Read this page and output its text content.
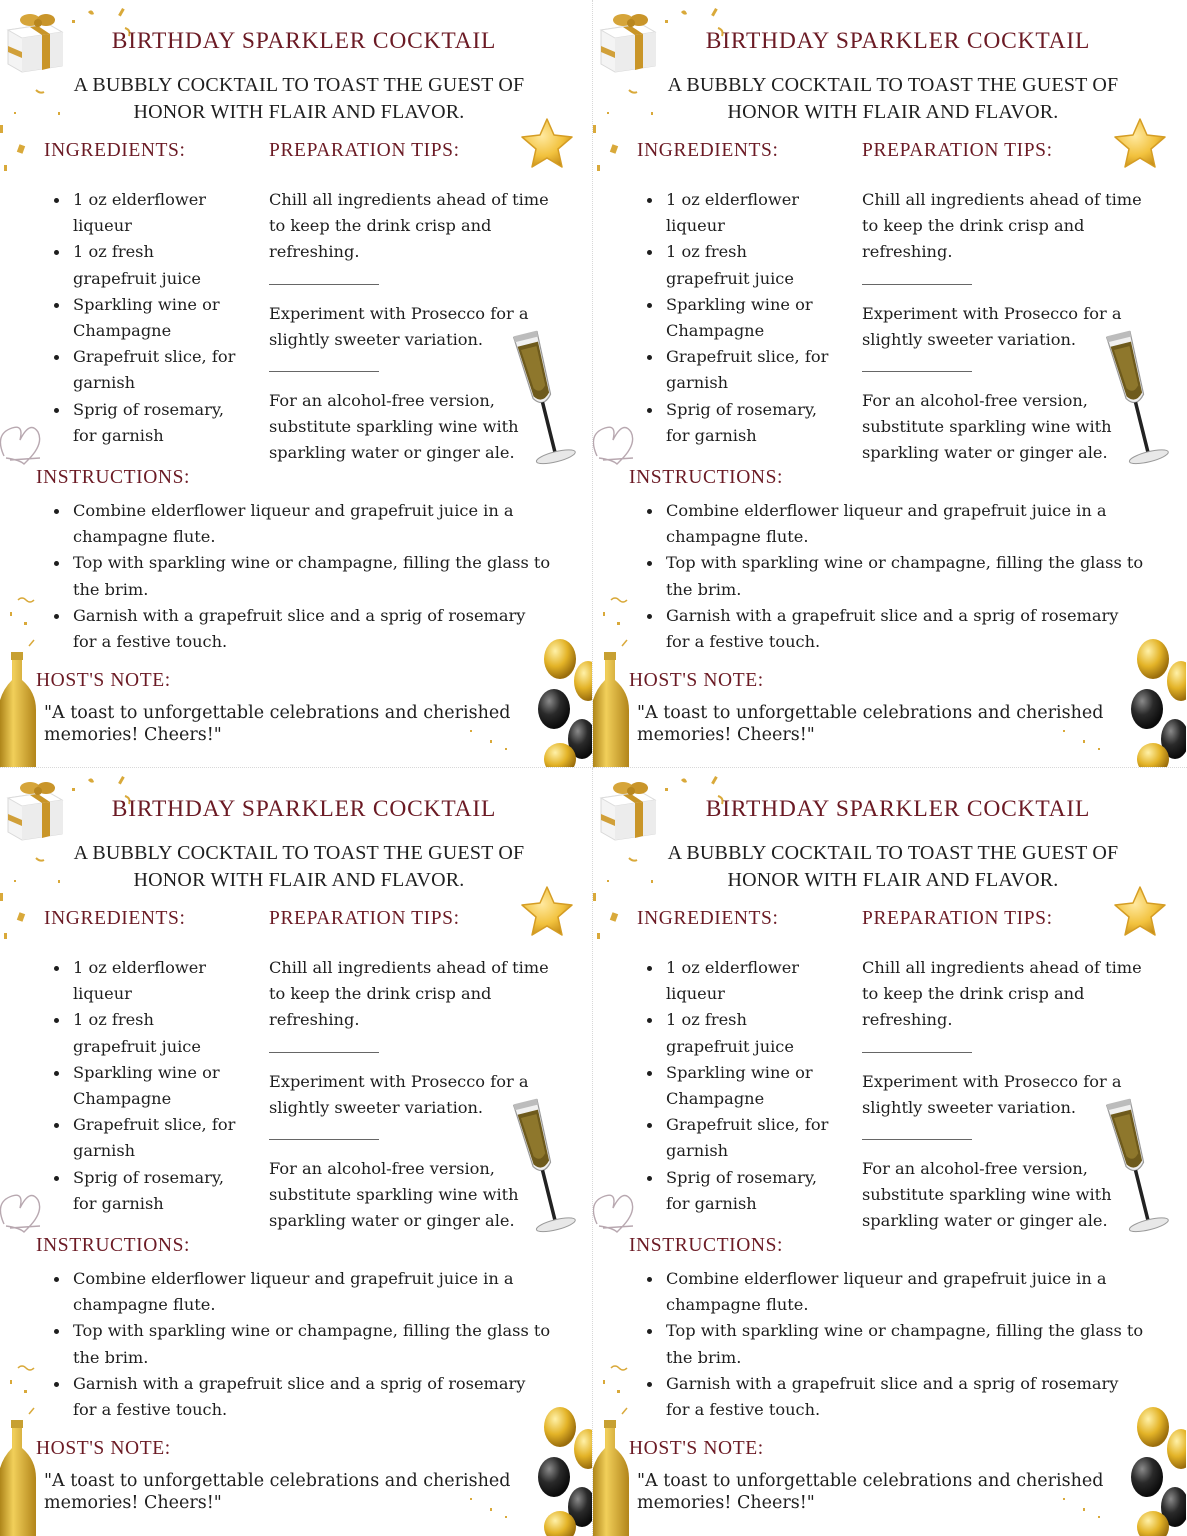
BIRTHDAY SPARKLER COCKTAIL
A BUBBLY COCKTAIL TO TOAST THE GUEST OF HONOR WITH FLAIR AND FLAVOR.
INGREDIENTS:	PREPARATION TIPS:
1 oz elderflower liqueur
1 oz fresh grapefruit juice
Sparkling wine or Champagne
Grapefruit slice, for garnish
Sprig of rosemary, for garnish

Chill all ingredients ahead of time to keep the drink crisp and refreshing.

Experiment with Prosecco for a slightly sweeter variation.

For an alcohol-free version, substitute sparkling wine with sparkling water or ginger ale.

INSTRUCTIONS:
Combine elderflower liqueur and grapefruit juice in a champagne flute.
Top with sparkling wine or champagne, filling the glass to the brim.
Garnish with a grapefruit slice and a sprig of rosemary for a festive touch.
HOST'S NOTE:
"A toast to unforgettable celebrations and cherished memories! Cheers!"
BIRTHDAY SPARKLER COCKTAIL
A BUBBLY COCKTAIL TO TOAST THE GUEST OF HONOR WITH FLAIR AND FLAVOR.
INGREDIENTS:	PREPARATION TIPS:
1 oz elderflower liqueur
1 oz fresh grapefruit juice
Sparkling wine or Champagne
Grapefruit slice, for garnish
Sprig of rosemary, for garnish

Chill all ingredients ahead of time to keep the drink crisp and refreshing.

Experiment with Prosecco for a slightly sweeter variation.

For an alcohol-free version, substitute sparkling wine with sparkling water or ginger ale.

INSTRUCTIONS:
Combine elderflower liqueur and grapefruit juice in a champagne flute.
Top with sparkling wine or champagne, filling the glass to the brim.
Garnish with a grapefruit slice and a sprig of rosemary for a festive touch.
HOST'S NOTE:
"A toast to unforgettable celebrations and cherished memories! Cheers!"
BIRTHDAY SPARKLER COCKTAIL
A BUBBLY COCKTAIL TO TOAST THE GUEST OF HONOR WITH FLAIR AND FLAVOR.
INGREDIENTS:	PREPARATION TIPS:
1 oz elderflower liqueur
1 oz fresh grapefruit juice
Sparkling wine or Champagne
Grapefruit slice, for garnish
Sprig of rosemary, for garnish

Chill all ingredients ahead of time to keep the drink crisp and refreshing.

Experiment with Prosecco for a slightly sweeter variation.

For an alcohol-free version, substitute sparkling wine with sparkling water or ginger ale.

INSTRUCTIONS:
Combine elderflower liqueur and grapefruit juice in a champagne flute.
Top with sparkling wine or champagne, filling the glass to the brim.
Garnish with a grapefruit slice and a sprig of rosemary for a festive touch.
HOST'S NOTE:
"A toast to unforgettable celebrations and cherished memories! Cheers!"
BIRTHDAY SPARKLER COCKTAIL
A BUBBLY COCKTAIL TO TOAST THE GUEST OF HONOR WITH FLAIR AND FLAVOR.
INGREDIENTS:	PREPARATION TIPS:
1 oz elderflower liqueur
1 oz fresh grapefruit juice
Sparkling wine or Champagne
Grapefruit slice, for garnish
Sprig of rosemary, for garnish

Chill all ingredients ahead of time to keep the drink crisp and refreshing.

Experiment with Prosecco for a slightly sweeter variation.

For an alcohol-free version, substitute sparkling wine with sparkling water or ginger ale.

INSTRUCTIONS:
Combine elderflower liqueur and grapefruit juice in a champagne flute.
Top with sparkling wine or champagne, filling the glass to the brim.
Garnish with a grapefruit slice and a sprig of rosemary for a festive touch.
HOST'S NOTE:
"A toast to unforgettable celebrations and cherished memories! Cheers!"
